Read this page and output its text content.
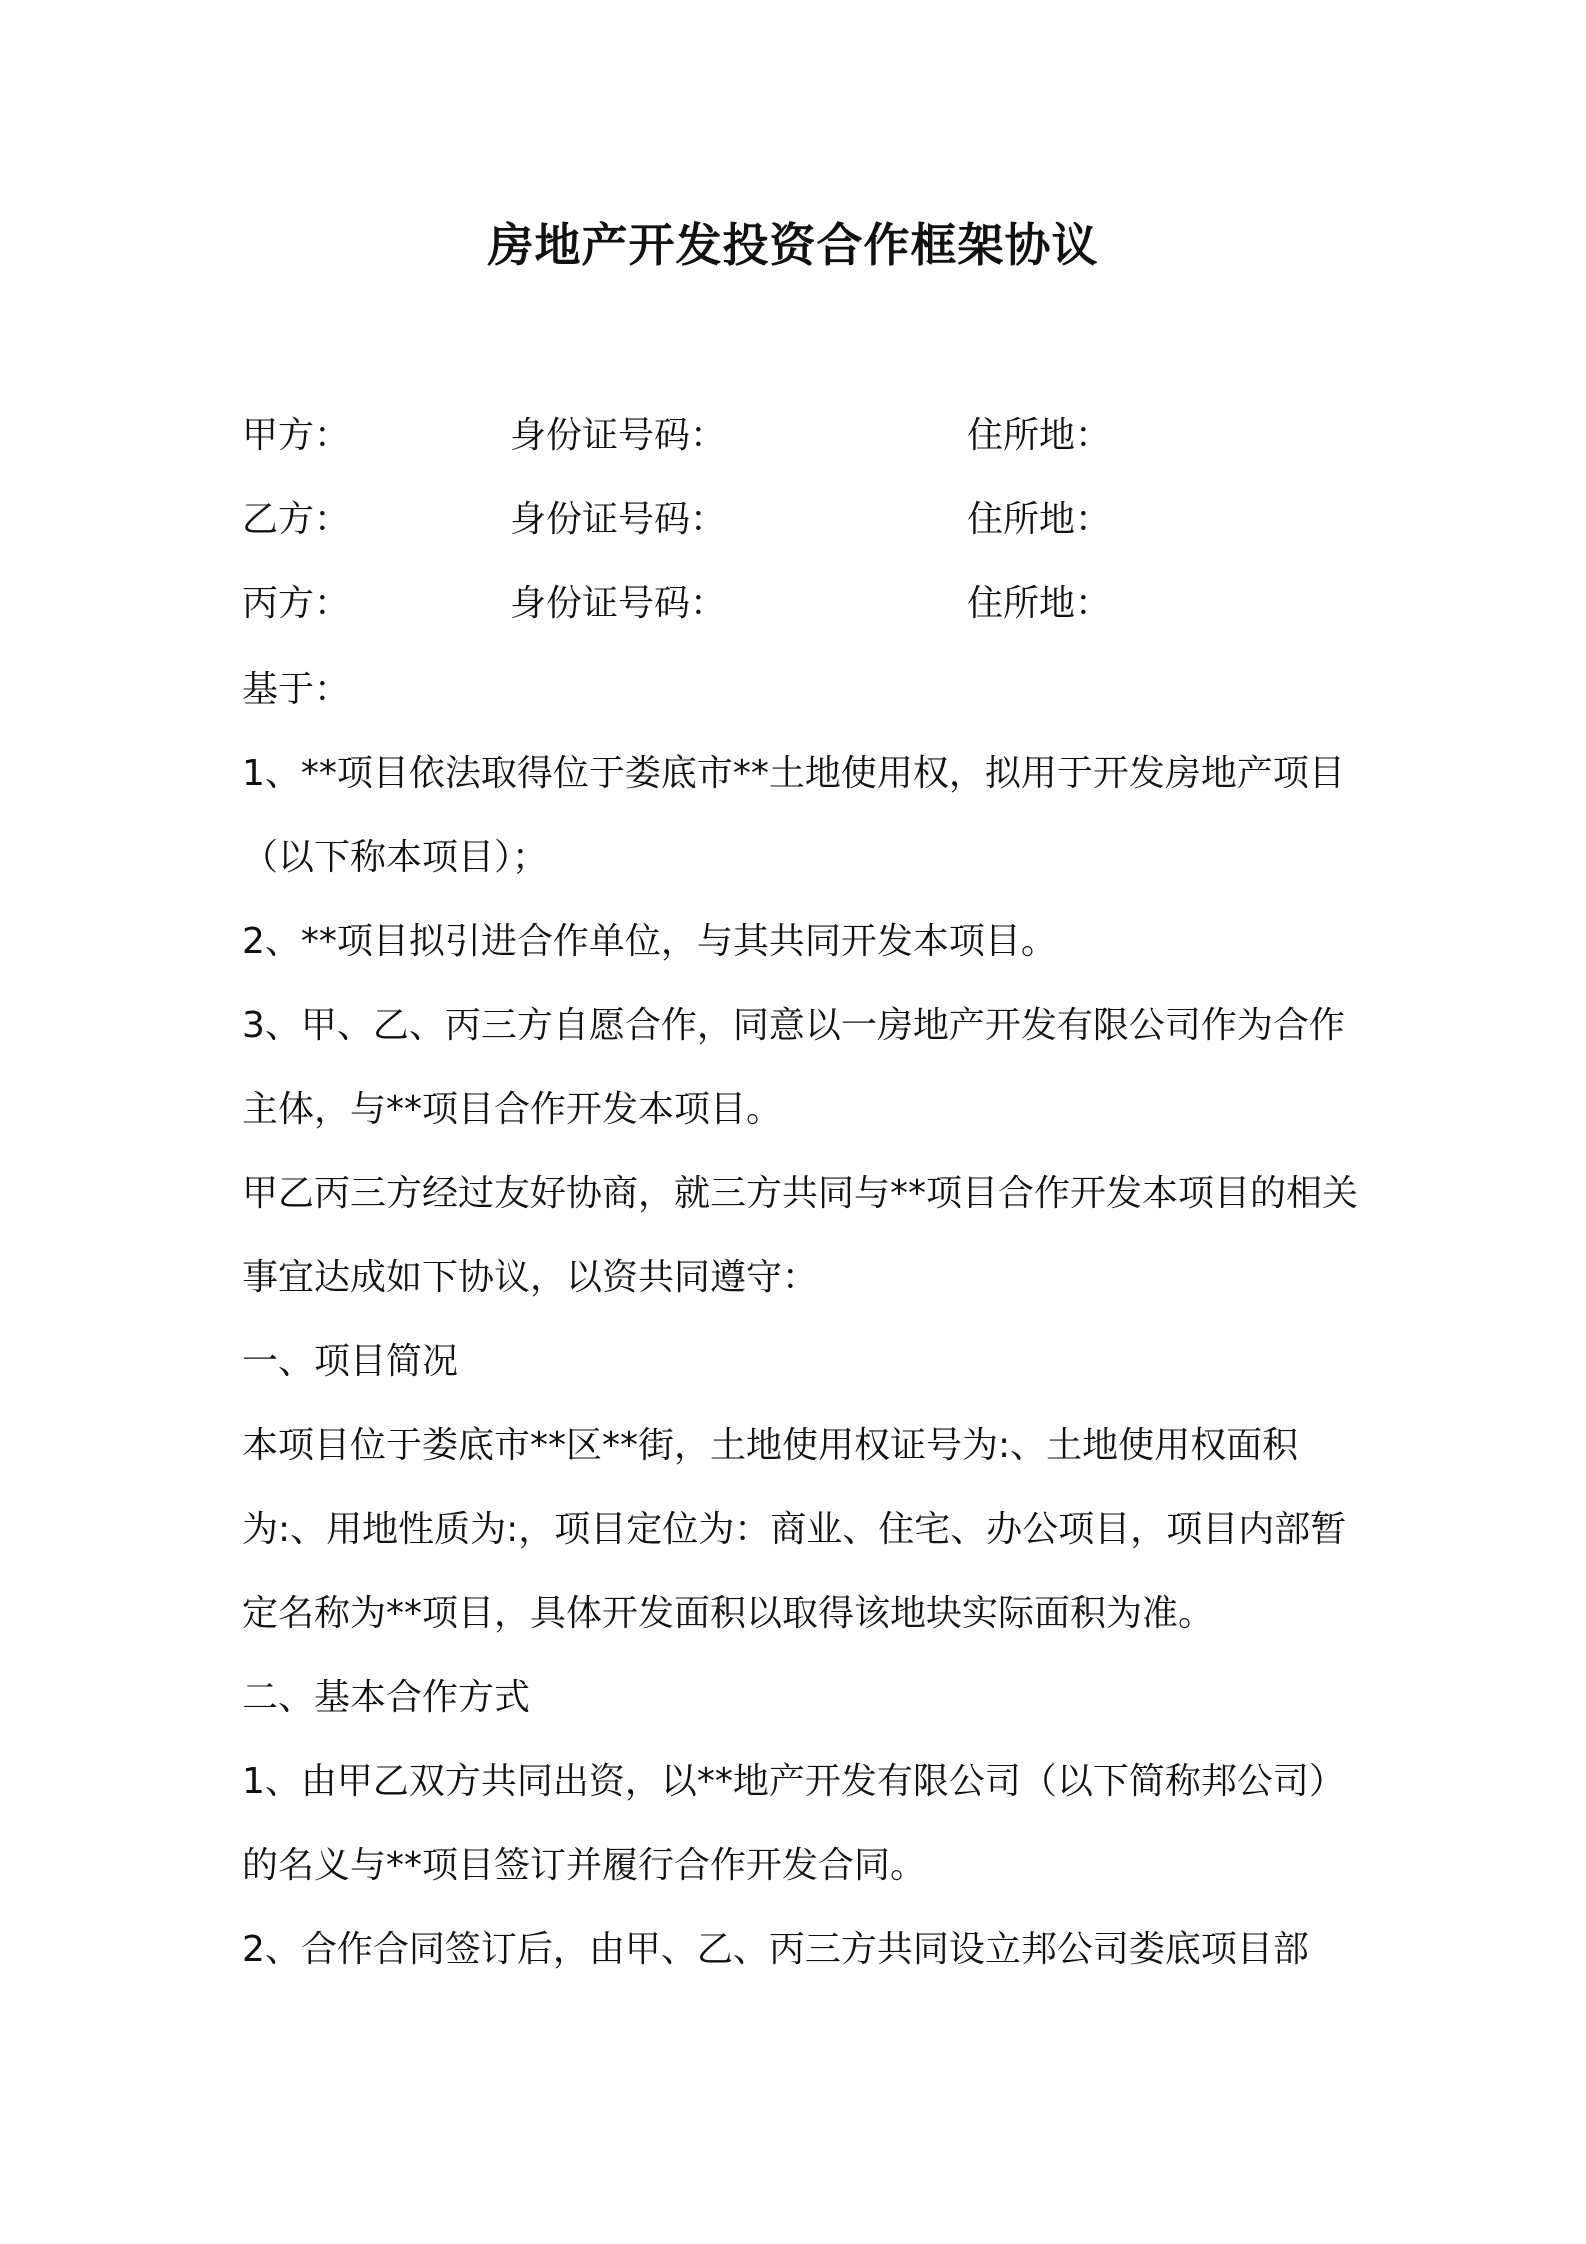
房地产开发投资合作框架协议
甲方：	身份证号码：	住所地：
乙方：	身份证号码：	住所地：
丙方：	身份证号码：	住所地：

基于：

1、**项目依法取得位于娄底市**土地使用权，拟用于开发房地产项目（以下称本项目）；

2、**项目拟引进合作单位，与其共同开发本项目。

3、甲、乙、丙三方自愿合作，同意以一房地产开发有限公司作为合作主体，与**项目合作开发本项目。

甲乙丙三方经过友好协商，就三方共同与**项目合作开发本项目的相关事宜达成如下协议，以资共同遵守：

一、项目简况

本项目位于娄底市**区**街，土地使用权证号为:、土地使用权面积为:、用地性质为:，项目定位为：商业、住宅、办公项目，项目内部暂定名称为**项目，具体开发面积以取得该地块实际面积为准。

二、基本合作方式

1、由甲乙双方共同出资，以**地产开发有限公司（以下简称邦公司）的名义与**项目签订并履行合作开发合同。

2、合作合同签订后，由甲、乙、丙三方共同设立邦公司娄底项目部
